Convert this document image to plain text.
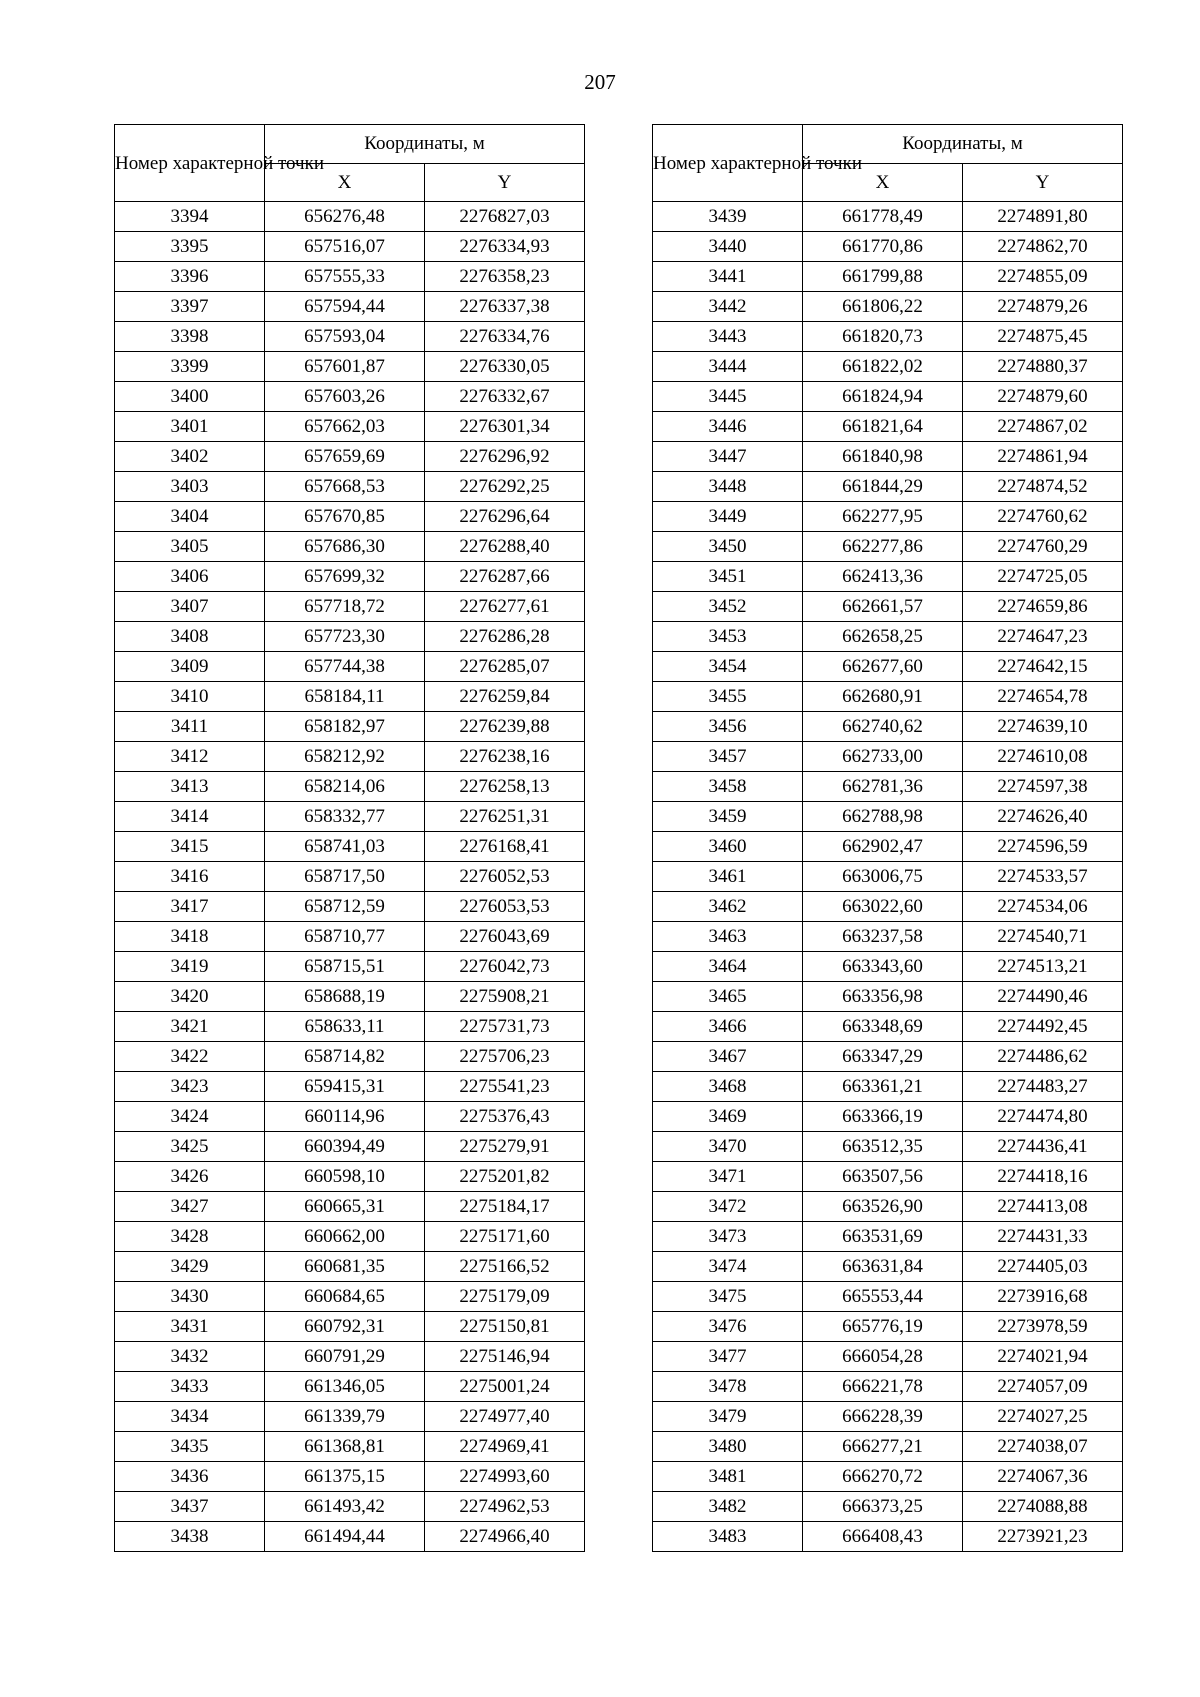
207
Номер характерной точки	Координаты, м	
	X	Y
3394	656276,48	2276827,03
3395	657516,07	2276334,93
3396	657555,33	2276358,23
3397	657594,44	2276337,38
3398	657593,04	2276334,76
3399	657601,87	2276330,05
3400	657603,26	2276332,67
3401	657662,03	2276301,34
3402	657659,69	2276296,92
3403	657668,53	2276292,25
3404	657670,85	2276296,64
3405	657686,30	2276288,40
3406	657699,32	2276287,66
3407	657718,72	2276277,61
3408	657723,30	2276286,28
3409	657744,38	2276285,07
3410	658184,11	2276259,84
3411	658182,97	2276239,88
3412	658212,92	2276238,16
3413	658214,06	2276258,13
3414	658332,77	2276251,31
3415	658741,03	2276168,41
3416	658717,50	2276052,53
3417	658712,59	2276053,53
3418	658710,77	2276043,69
3419	658715,51	2276042,73
3420	658688,19	2275908,21
3421	658633,11	2275731,73
3422	658714,82	2275706,23
3423	659415,31	2275541,23
3424	660114,96	2275376,43
3425	660394,49	2275279,91
3426	660598,10	2275201,82
3427	660665,31	2275184,17
3428	660662,00	2275171,60
3429	660681,35	2275166,52
3430	660684,65	2275179,09
3431	660792,31	2275150,81
3432	660791,29	2275146,94
3433	661346,05	2275001,24
3434	661339,79	2274977,40
3435	661368,81	2274969,41
3436	661375,15	2274993,60
3437	661493,42	2274962,53
3438	661494,44	2274966,40
Номер характерной точки	Координаты, м	
	X	Y
3439	661778,49	2274891,80
3440	661770,86	2274862,70
3441	661799,88	2274855,09
3442	661806,22	2274879,26
3443	661820,73	2274875,45
3444	661822,02	2274880,37
3445	661824,94	2274879,60
3446	661821,64	2274867,02
3447	661840,98	2274861,94
3448	661844,29	2274874,52
3449	662277,95	2274760,62
3450	662277,86	2274760,29
3451	662413,36	2274725,05
3452	662661,57	2274659,86
3453	662658,25	2274647,23
3454	662677,60	2274642,15
3455	662680,91	2274654,78
3456	662740,62	2274639,10
3457	662733,00	2274610,08
3458	662781,36	2274597,38
3459	662788,98	2274626,40
3460	662902,47	2274596,59
3461	663006,75	2274533,57
3462	663022,60	2274534,06
3463	663237,58	2274540,71
3464	663343,60	2274513,21
3465	663356,98	2274490,46
3466	663348,69	2274492,45
3467	663347,29	2274486,62
3468	663361,21	2274483,27
3469	663366,19	2274474,80
3470	663512,35	2274436,41
3471	663507,56	2274418,16
3472	663526,90	2274413,08
3473	663531,69	2274431,33
3474	663631,84	2274405,03
3475	665553,44	2273916,68
3476	665776,19	2273978,59
3477	666054,28	2274021,94
3478	666221,78	2274057,09
3479	666228,39	2274027,25
3480	666277,21	2274038,07
3481	666270,72	2274067,36
3482	666373,25	2274088,88
3483	666408,43	2273921,23
